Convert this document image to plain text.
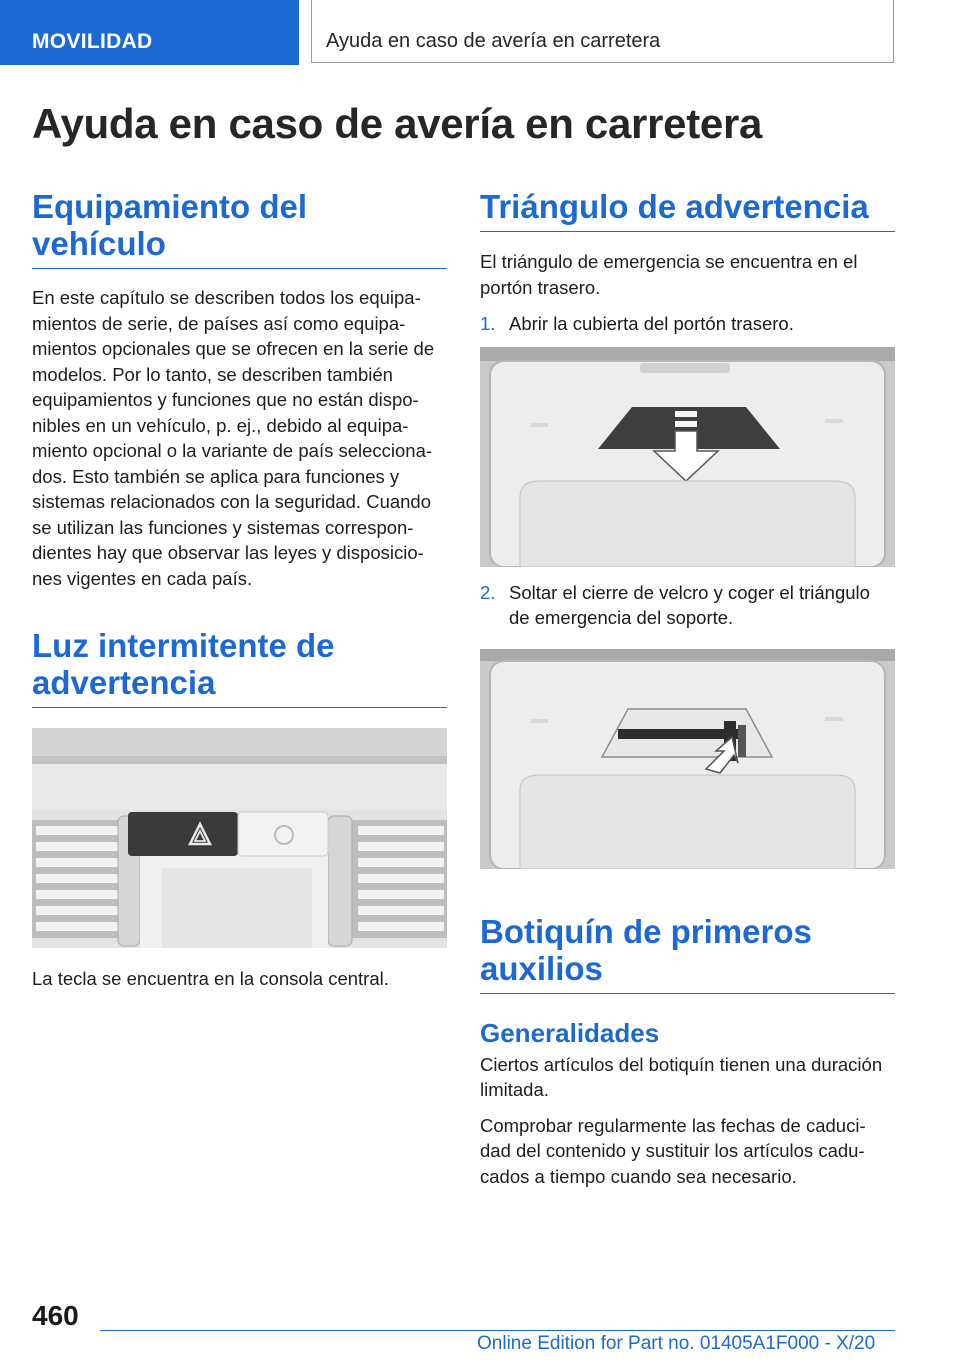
MOVILIDAD	Ayuda en caso de avería en carretera
Ayuda en caso de avería en carretera
Equipamiento del vehículo

En este capítulo se describen todos los equipa-

mientos de serie, de países así como equipa-

mientos opcionales que se ofrecen en la serie de

modelos. Por lo tanto, se describen también

equipamientos y funciones que no están dispo-

nibles en un vehículo, p. ej., debido al equipa-

miento opcional o la variante de país selecciona-

dos. Esto también se aplica para funciones y

sistemas relacionados con la seguridad. Cuando

se utilizan las funciones y sistemas correspon-

dientes hay que observar las leyes y disposicio-

nes vigentes en cada país.

Luz intermitente de
advertencia

La tecla se encuentra en la consola central.

Triángulo de advertencia

El triángulo de emergencia se encuentra en el

portón trasero.

1. Abrir la cubierta del portón trasero.
2. Soltar el cierre de velcro y coger el triángulo
de emergencia del soporte.
Botiquín de primeros
auxilios
Generalidades

Ciertos artículos del botiquín tienen una duración

limitada.

Comprobar regularmente las fechas de caduci-

dad del contenido y sustituir los artículos cadu-

cados a tiempo cuando sea necesario.

460
Online Edition for Part no. 01405A1F000 - X/20
